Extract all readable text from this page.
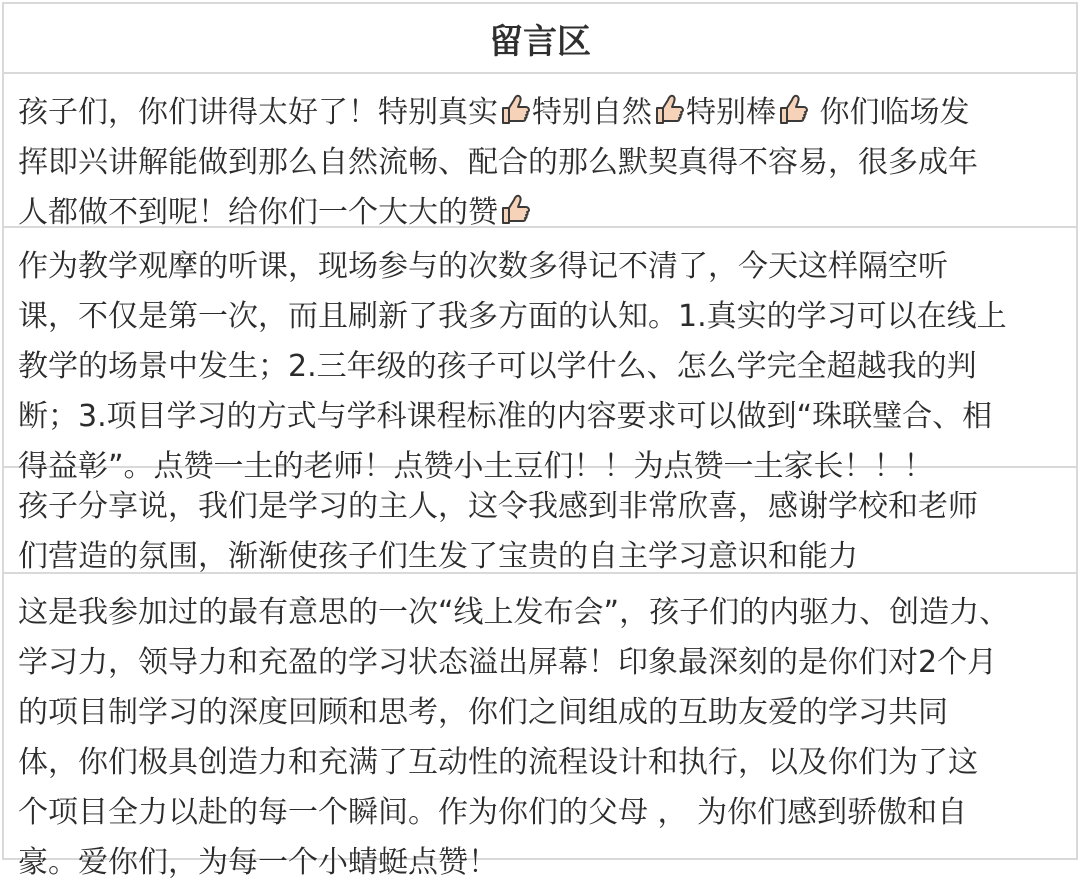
留言区
孩子们，你们讲得太好了！特别真实 特别自然 特别棒
你们临场发
挥即兴讲解能做到那么自然流畅、配合的那么默契真得不容易，很多成年
人都做不到呢！给你们一个大大的赞
作为教学观摩的听课，现场参与的次数多得记不清了，今天这样隔空听
课，不仅是第一次，而且刷新了我多方面的认知。1.真实的学习可以在线上
教学的场景中发生；2.三年级的孩子可以学什么、怎么学完全超越我的判
断；3.项目学习的方式与学科课程标准的内容要求可以做到“珠联璧合、相
得益彰”。点赞一土的老师！点赞小土豆们！！为点赞一土家长！！！
孩子分享说，我们是学习的主人，这令我感到非常欣喜，感谢学校和老师
们营造的氛围，渐渐使孩子们生发了宝贵的自主学习意识和能力
这是我参加过的最有意思的一次“线上发布会”，孩子们的内驱力、创造力、
学习力，领导力和充盈的学习状态溢出屏幕！印象最深刻的是你们对2个月
的项目制学习的深度回顾和思考，你们之间组成的互助友爱的学习共同
体，你们极具创造力和充满了互动性的流程设计和执行，以及你们为了这
个项目全力以赴的每一个瞬间。作为你们的父母 ， 为你们感到骄傲和自
豪。爱你们，为每一个小蜻蜓点赞！
